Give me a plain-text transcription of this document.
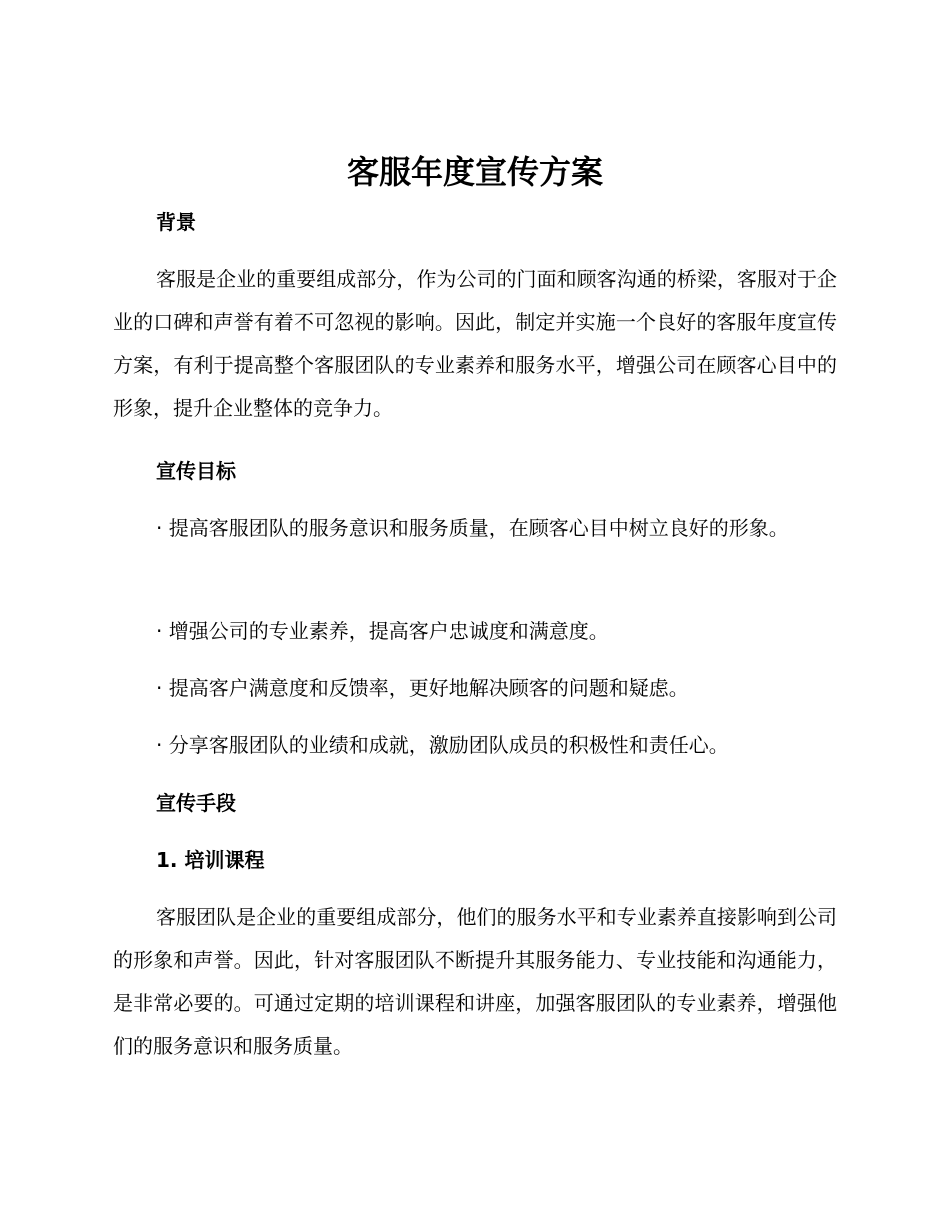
客服年度宣传方案
背景

客服是企业的重要组成部分，作为公司的门面和顾客沟通的桥梁，客服对于企业的口碑和声誉有着不可忽视的影响。因此，制定并实施一个良好的客服年度宣传方案，有利于提高整个客服团队的专业素养和服务水平，增强公司在顾客心目中的形象，提升企业整体的竞争力。

宣传目标

· 提高客服团队的服务意识和服务质量，在顾客心目中树立良好的形象。

· 增强公司的专业素养，提高客户忠诚度和满意度。

· 提高客户满意度和反馈率，更好地解决顾客的问题和疑虑。

· 分享客服团队的业绩和成就，激励团队成员的积极性和责任心。

宣传手段
1. 培训课程

客服团队是企业的重要组成部分，他们的服务水平和专业素养直接影响到公司的形象和声誉。因此，针对客服团队不断提升其服务能力、专业技能和沟通能力，是非常必要的。可通过定期的培训课程和讲座，加强客服团队的专业素养，增强他们的服务意识和服务质量。
